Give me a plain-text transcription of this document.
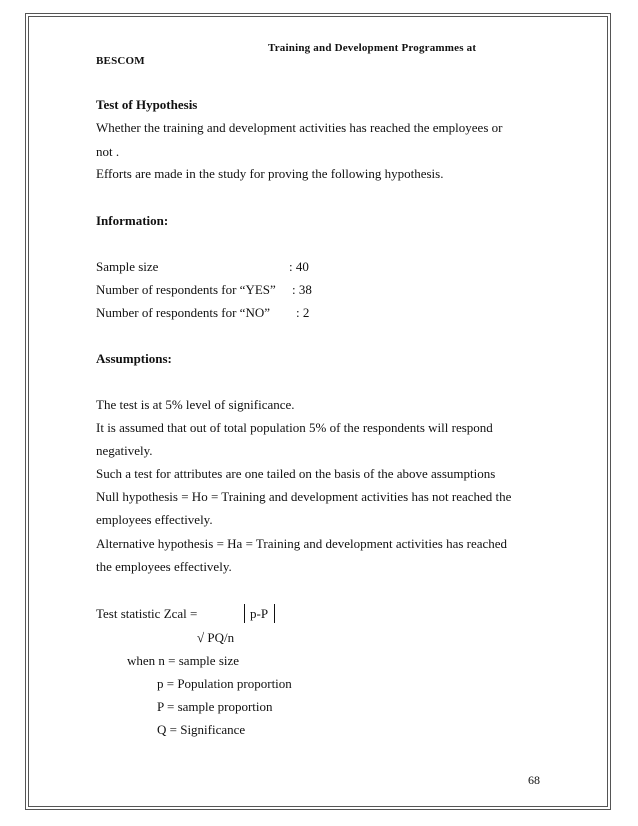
Training and Development Programmes at
BESCOM
Test of Hypothesis
Whether the training and development activities has reached the employees or
not .
Efforts are made in the study for proving the following hypothesis.
Information:
Sample size	: 40
Number of respondents for “YES” : 38
Number of respondents for “NO” : 2
Assumptions:
The test is at 5% level of significance.
It is assumed that out of total population 5% of the respondents will respond
negatively.
Such a test for attributes are one tailed on the basis of the above assumptions
Null hypothesis = Ho = Training and development activities has not reached the
employees effectively.
Alternative hypothesis = Ha = Training and development activities has reached
the employees effectively.
Test statistic Zcal =	p-P
√ PQ/n
when n = sample size
p = Population proportion
P = sample proportion
Q = Significance
68
